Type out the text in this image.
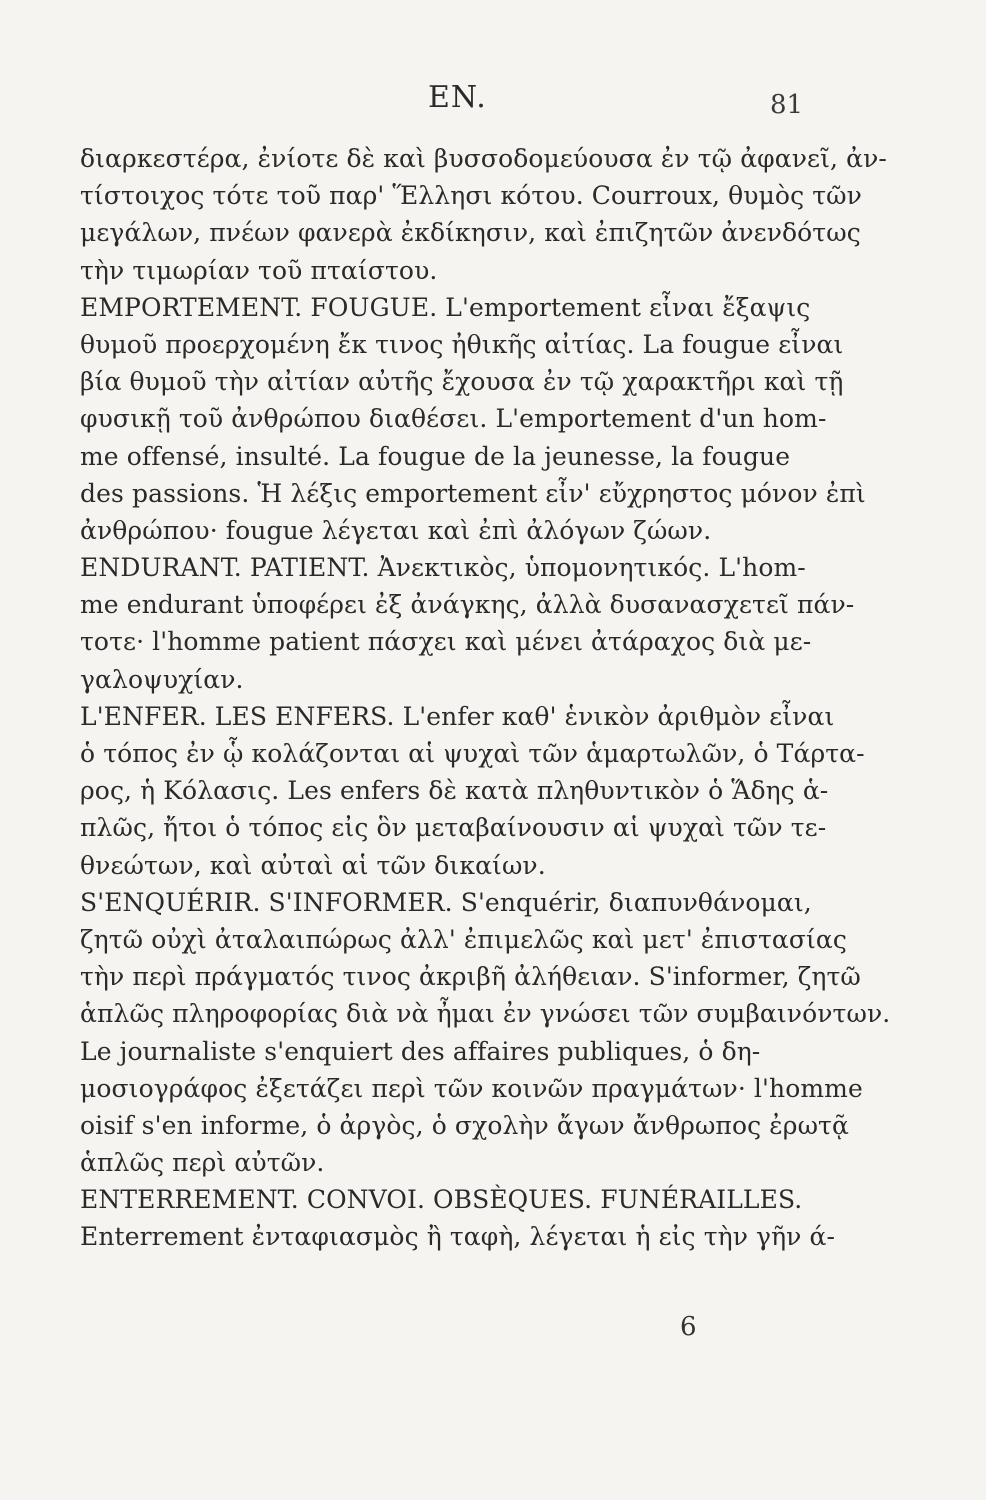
EN.	81
διαρκεστέρα, ἐνίοτε δὲ καὶ βυσσοδομεύουσα ἐν τῷ ἀφανεῖ, ἀν-
τίστοιχος τότε τοῦ παρ' Ἕλλησι κότου. Courroux, θυμὸς τῶν
μεγάλων, πνέων φανερὰ ἐκδίκησιν, καὶ ἐπιζητῶν ἀνενδότως
τὴν τιμωρίαν τοῦ πταίστου.
EMPORTEMENT. FOUGUE. L'emportement εἶναι ἔξαψις
θυμοῦ προερχομένη ἔκ τινος ἠθικῆς αἰτίας. La fougue εἶναι
βία θυμοῦ τὴν αἰτίαν αὐτῆς ἔχουσα ἐν τῷ χαρακτῆρι καὶ τῇ
φυσικῇ τοῦ ἀνθρώπου διαθέσει. L'emportement d'un hom-
me offensé, insulté. La fougue de la jeunesse, la fougue
des passions. Ἡ λέξις emportement εἶν' εὔχρηστος μόνον ἐπὶ
ἀνθρώπου· fougue λέγεται καὶ ἐπὶ ἀλόγων ζώων.
ENDURANT. PATIENT. Ἀνεκτικὸς, ὑπομονητικός. L'hom-
me endurant ὑποφέρει ἐξ ἀνάγκης, ἀλλὰ δυσανασχετεῖ πάν-
τοτε· l'homme patient πάσχει καὶ μένει ἀτάραχος διὰ με-
γαλοψυχίαν.
L'ENFER. LES ENFERS. L'enfer καθ' ἑνικὸν ἀριθμὸν εἶναι
ὁ τόπος ἐν ᾧ κολάζονται αἱ ψυχαὶ τῶν ἁμαρτωλῶν, ὁ Τάρτα-
ρος, ἡ Κόλασις. Les enfers δὲ κατὰ πληθυντικὸν ὁ Ἅδης ἁ-
πλῶς, ἤτοι ὁ τόπος εἰς ὃν μεταβαίνουσιν αἱ ψυχαὶ τῶν τε-
θνεώτων, καὶ αὐταὶ αἱ τῶν δικαίων.
S'ENQUÉRIR. S'INFORMER. S'enquérir, διαπυνθάνομαι,
ζητῶ οὐχὶ ἀταλαιπώρως ἀλλ' ἐπιμελῶς καὶ μετ' ἐπιστασίας
τὴν περὶ πράγματός τινος ἀκριβῆ ἀλήθειαν. S'informer, ζητῶ
ἁπλῶς πληροφορίας διὰ νὰ ἦμαι ἐν γνώσει τῶν συμβαινόντων.
Le journaliste s'enquiert des affaires publiques, ὁ δη-
μοσιογράφος ἐξετάζει περὶ τῶν κοινῶν πραγμάτων· l'homme
oisif s'en informe, ὁ ἀργὸς, ὁ σχολὴν ἄγων ἄνθρωπος ἐρωτᾷ
ἁπλῶς περὶ αὐτῶν.
ENTERREMENT. CONVOI. OBSÈQUES. FUNÉRAILLES.
Enterrement ἐνταφιασμὸς ἢ ταφὴ, λέγεται ἡ εἰς τὴν γῆν ά-
6
